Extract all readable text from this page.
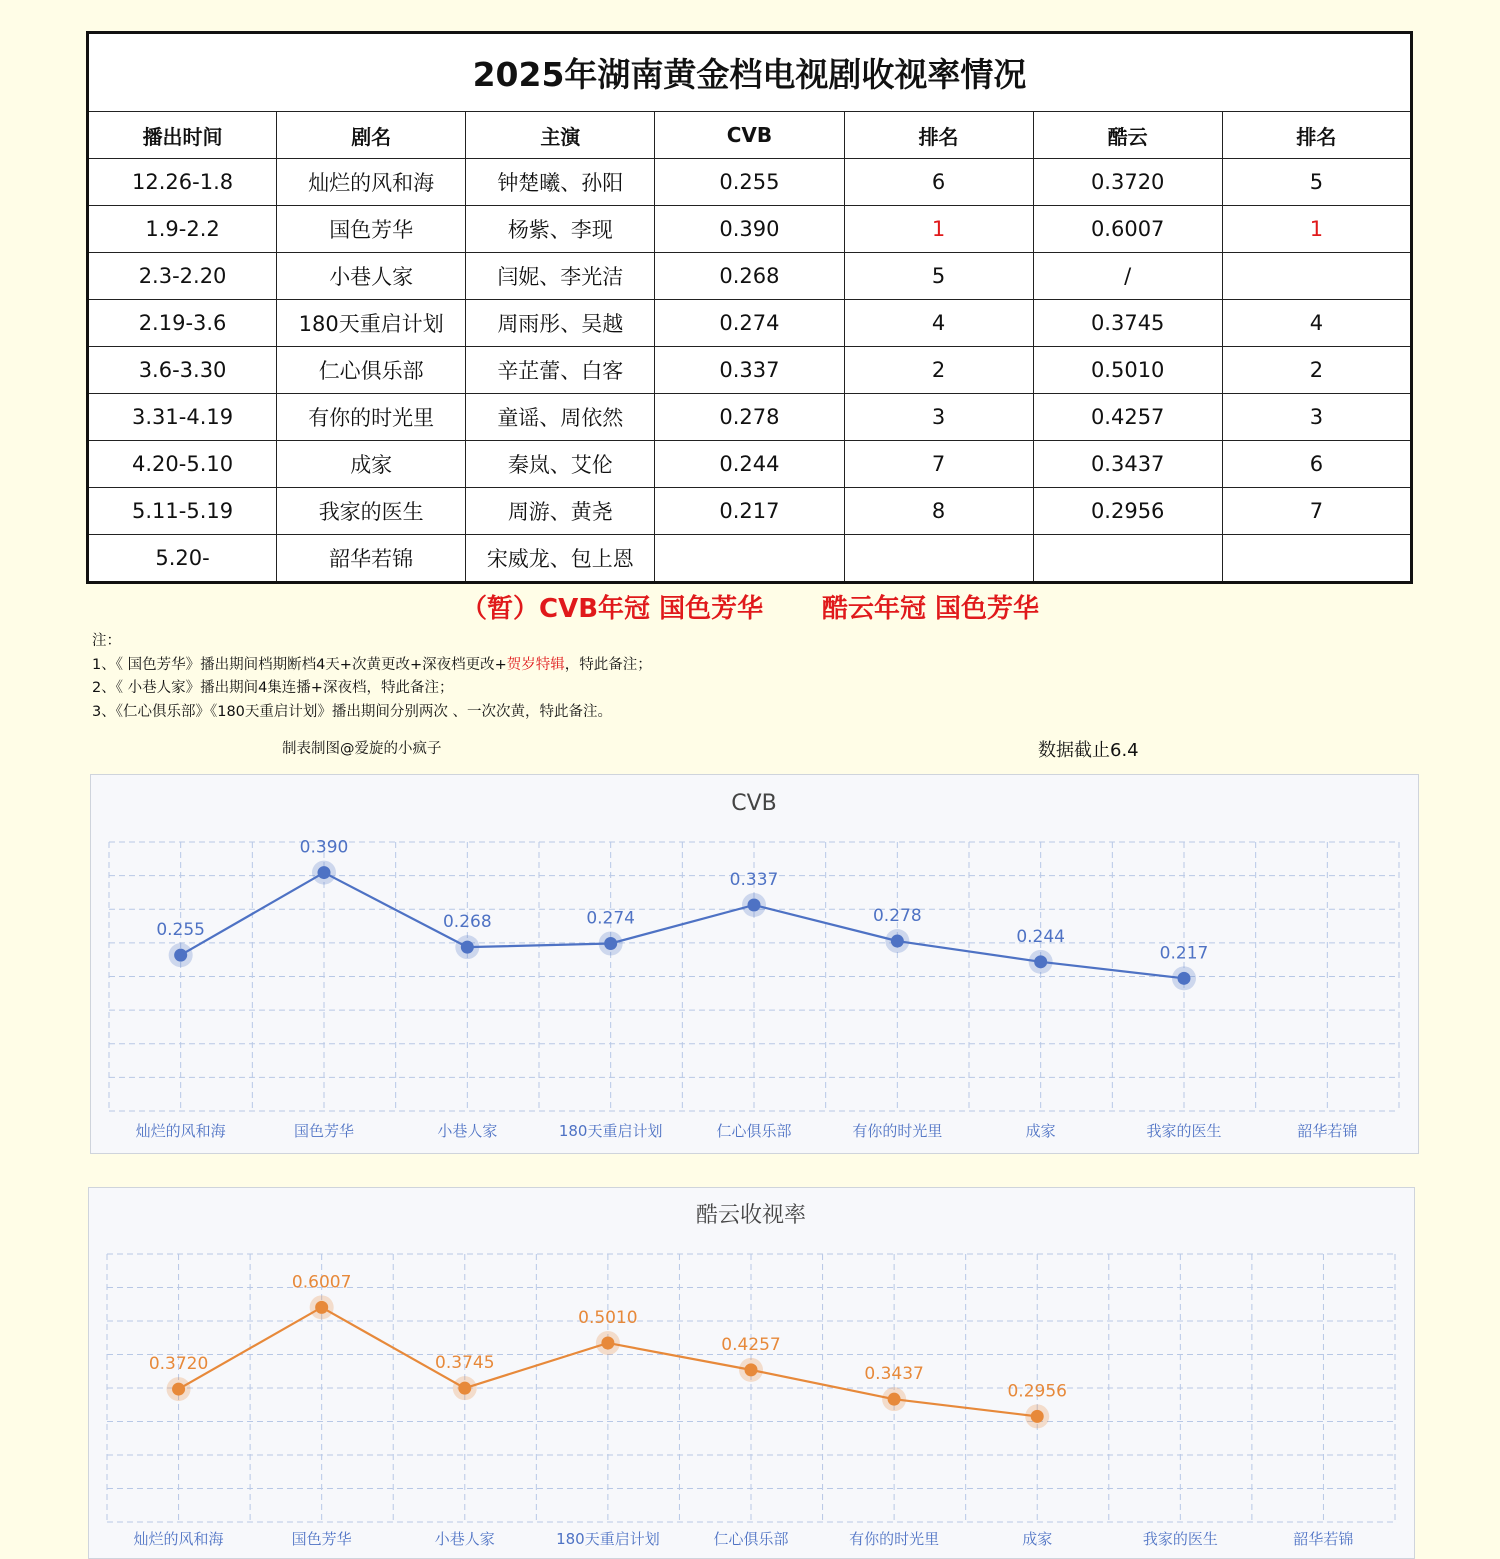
2025年湖南黄金档电视剧收视率情况						
播出时间	剧名	主演	CVB	排名	酷云	排名
12.26-1.8	灿烂的风和海	钟楚曦、孙阳	0.255	6	0.3720	5
1.9-2.2	国色芳华	杨紫、李现	0.390	1	0.6007	1
2.3-2.20	小巷人家	闫妮、李光洁	0.268	5	/	
2.19-3.6	180天重启计划	周雨彤、吴越	0.274	4	0.3745	4
3.6-3.30	仁心俱乐部	辛芷蕾、白客	0.337	2	0.5010	2
3.31-4.19	有你的时光里	童谣、周依然	0.278	3	0.4257	3
4.20-5.10	成家	秦岚、艾伦	0.244	7	0.3437	6
5.11-5.19	我家的医生	周游、黄尧	0.217	8	0.2956	7
5.20-	韶华若锦	宋威龙、包上恩				
（暂）CVB年冠 国色芳华 酷云年冠 国色芳华
注：
1、《 国色芳华》播出期间档期断档4天+次黄更改+深夜档更改+贺岁特辑，特此备注；
2、《 小巷人家》播出期间4集连播+深夜档，特此备注；
3、《仁心俱乐部》《180天重启计划》播出期间分别两次 、一次次黄，特此备注。
制表制图@爱旋的小疯子	数据截止6.4
CVB
灿烂的风和海	国色芳华	小巷人家	180天重启计划	仁心俱乐部	有你的时光里	成家	我家的医生	韶华若锦
0.255
0.390
0.268	0.274
0.337
0.278
0.244
0.217
酷云收视率
灿烂的风和海	国色芳华	小巷人家	180天重启计划	仁心俱乐部	有你的时光里	成家	我家的医生	韶华若锦
0.3720
0.6007
0.3745
0.5010
0.4257
0.3437
0.2956
